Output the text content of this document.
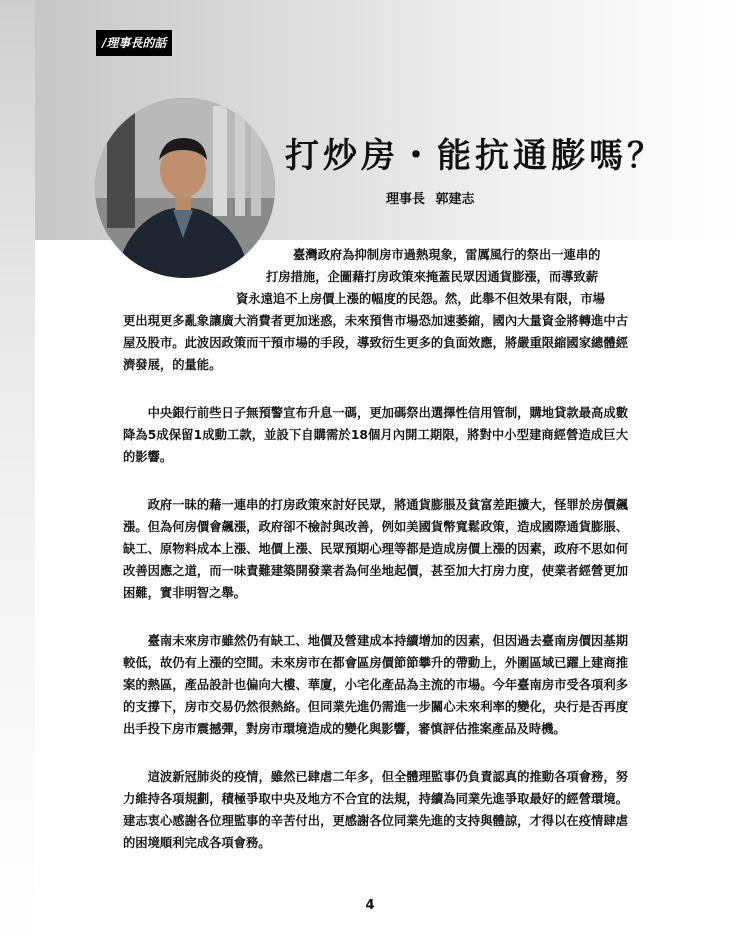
/理事長的話
打炒房・能抗通膨嗎？
理事長 郭建志

臺灣政府為抑制房市過熱現象，雷厲風行的祭出一連串的
打房措施，企圖藉打房政策來掩蓋民眾因通貨膨漲，而導致薪
資永遠追不上房價上漲的幅度的民怨。然，此舉不但效果有限，市場
更出現更多亂象讓廣大消費者更加迷惑，未來預售市場恐加速萎縮，國內大量資金將轉進中古屋及股市。此波因政策而干預市場的手段，導致衍生更多的負面效應，將嚴重限縮國家總體經濟發展，的量能。

中央銀行前些日子無預警宣布升息一碼，更加碼祭出選擇性信用管制，購地貸款最高成數降為5成保留1成動工款，並設下自購需於18個月內開工期限，將對中小型建商經營造成巨大的影響。

政府一昧的藉一連串的打房政策來討好民眾，將通貨膨脹及貧富差距擴大，怪罪於房價飆漲。但為何房價會飆漲，政府卻不檢討與改善，例如美國貨幣寬鬆政策，造成國際通貨膨脹、缺工、原物料成本上漲、地價上漲、民眾預期心理等都是造成房價上漲的因素，政府不思如何改善因應之道，而一味責難建築開發業者為何坐地起價，甚至加大打房力度，使業者經營更加困難，實非明智之舉。

臺南未來房市雖然仍有缺工、地價及營建成本持續增加的因素，但因過去臺南房價因基期較低，故仍有上漲的空間。未來房市在都會區房價節節攀升的帶動上，外圍區域已躍上建商推案的熱區，產品設計也偏向大樓、華廈，小宅化產品為主流的市場。今年臺南房市受各項利多的支撐下，房市交易仍然很熱絡。但同業先進仍需進一步關心未來利率的變化，央行是否再度出手投下房市震撼彈，對房市環境造成的變化與影響，審慎評估推案產品及時機。

這波新冠肺炎的疫情，雖然已肆虐二年多，但全體理監事仍負責認真的推動各項會務，努力維持各項規劃，積極爭取中央及地方不合宜的法規，持續為同業先進爭取最好的經營環境。建志衷心感謝各位理監事的辛苦付出，更感謝各位同業先進的支持與體諒，才得以在疫情肆虐的困境順利完成各項會務。

4
